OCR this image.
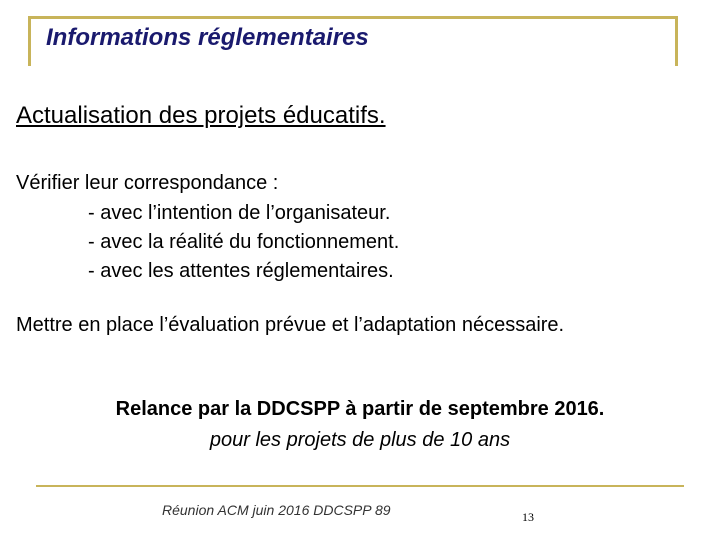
Informations réglementaires
Actualisation des projets éducatifs.
Vérifier leur correspondance :
- avec l’intention de l’organisateur.
- avec la réalité du fonctionnement.
- avec les attentes réglementaires.
Mettre en place l’évaluation prévue et l’adaptation nécessaire.
Relance par la DDCSPP à partir de septembre 2016.
pour les projets de plus de 10 ans
Réunion ACM juin 2016 DDCSPP 89	13
